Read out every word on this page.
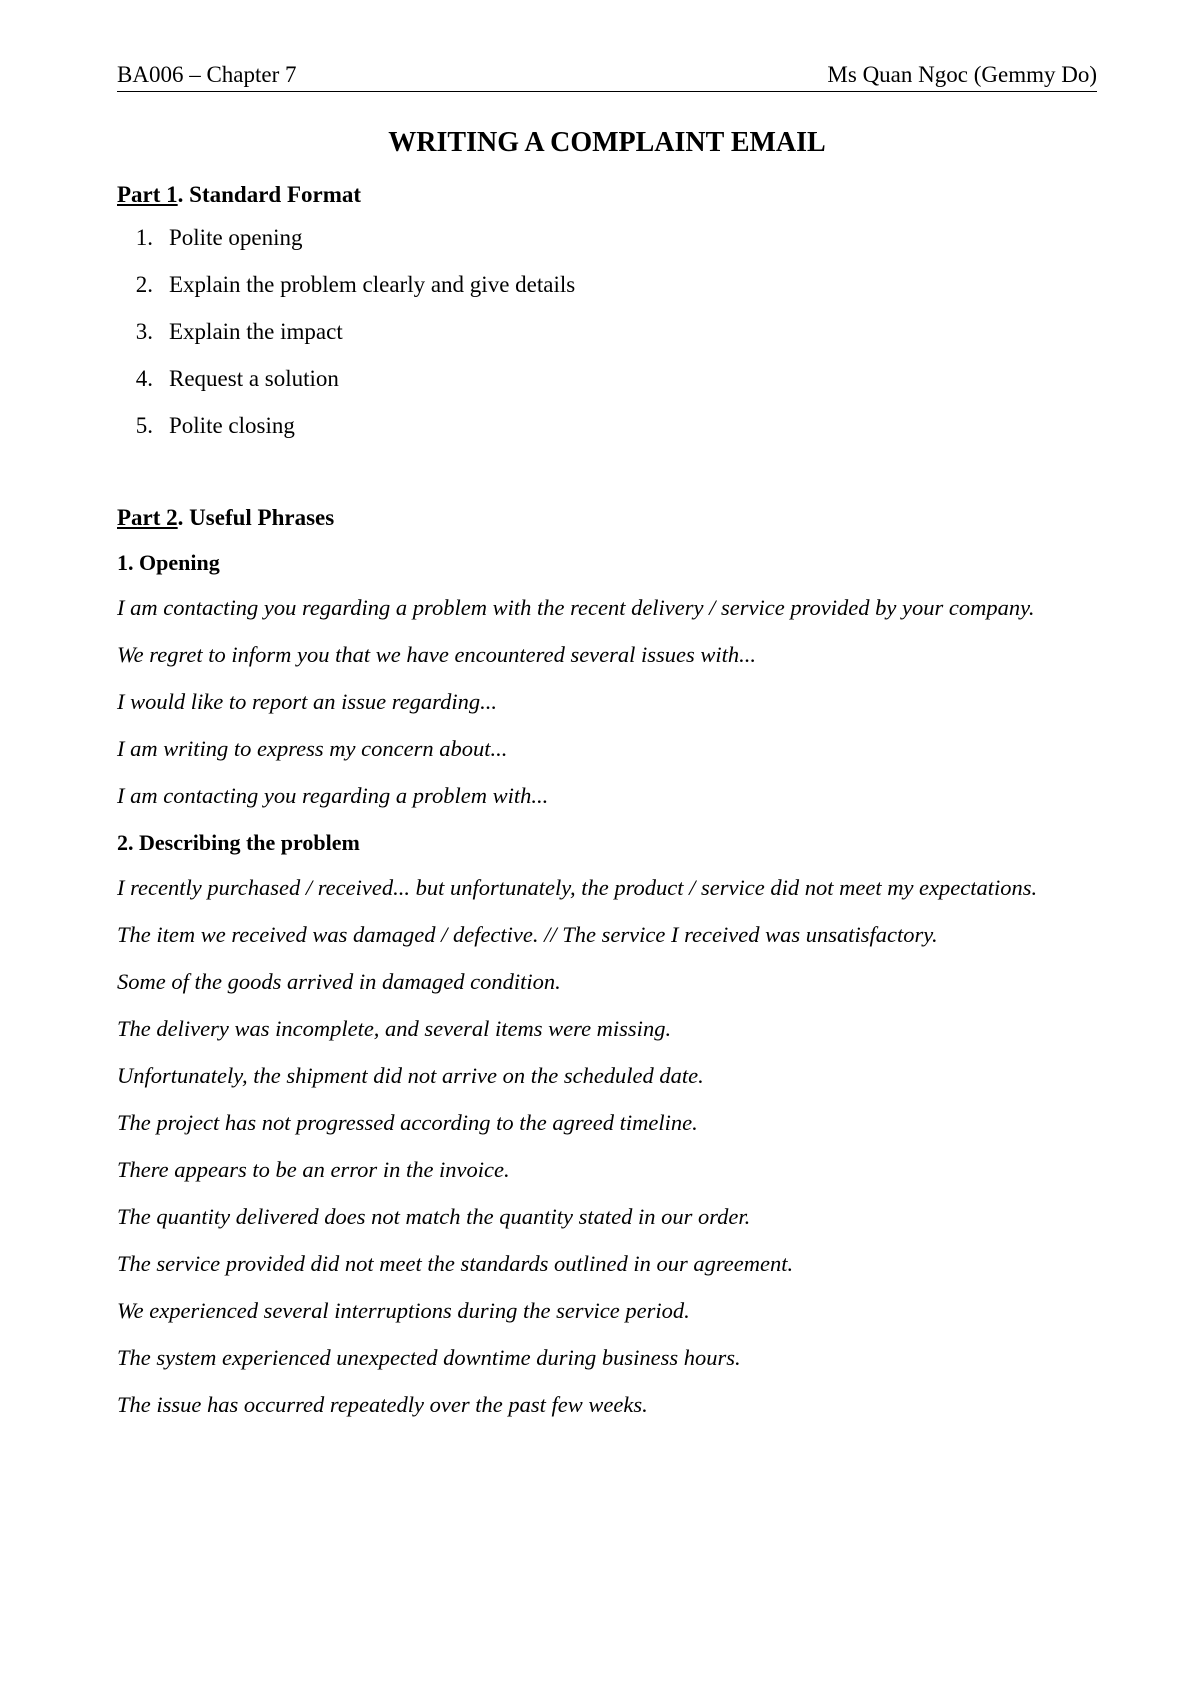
BA006 – Chapter 7	Ms Quan Ngoc (Gemmy Do)
WRITING A COMPLAINT EMAIL
Part 1. Standard Format
1. Polite opening
2. Explain the problem clearly and give details
3. Explain the impact
4. Request a solution
5. Polite closing
Part 2. Useful Phrases
1. Opening

I am contacting you regarding a problem with the recent delivery / service provided by your company.

We regret to inform you that we have encountered several issues with...

I would like to report an issue regarding...

I am writing to express my concern about...

I am contacting you regarding a problem with...

2. Describing the problem

I recently purchased / received... but unfortunately, the product / service did not meet my expectations.

The item we received was damaged / defective. // The service I received was unsatisfactory.

Some of the goods arrived in damaged condition.

The delivery was incomplete, and several items were missing.

Unfortunately, the shipment did not arrive on the scheduled date.

The project has not progressed according to the agreed timeline.

There appears to be an error in the invoice.

The quantity delivered does not match the quantity stated in our order.

The service provided did not meet the standards outlined in our agreement.

We experienced several interruptions during the service period.

The system experienced unexpected downtime during business hours.

The issue has occurred repeatedly over the past few weeks.
